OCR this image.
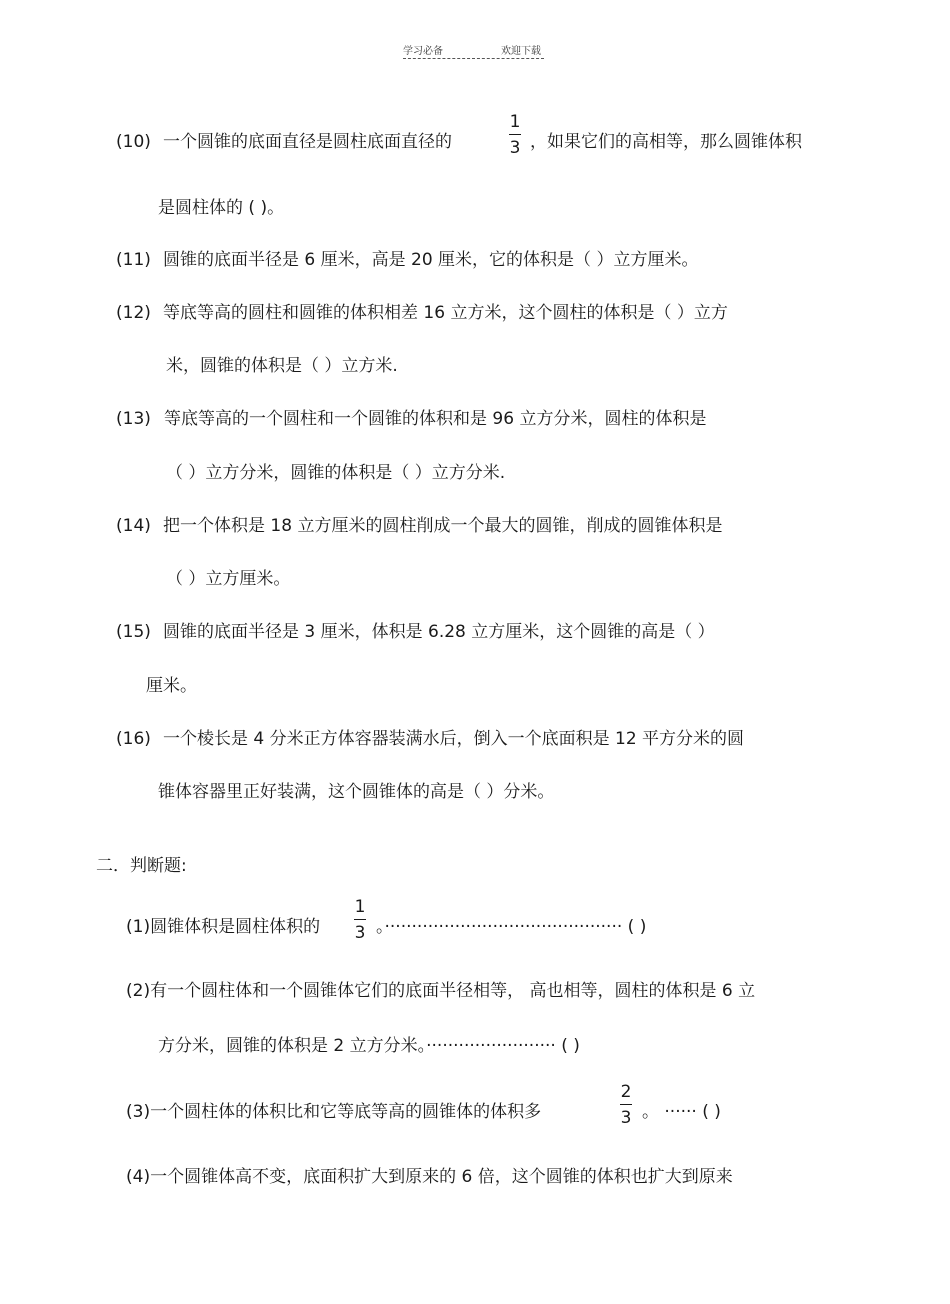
学习必备	欢迎下载
(10) 一个圆锥的底面直径是圆柱底面直径的
1
3 ，如果它们的高相等，那么圆锥体积
是圆柱体的 ( )。
(11) 圆锥的底面半径是 6 厘米，高是 20 厘米，它的体积是（ ）立方厘米。
(12) 等底等高的圆柱和圆锥的体积相差 16 立方米，这个圆柱的体积是（ ）立方
米，圆锥的体积是（ ）立方米.
(13) 等底等高的一个圆柱和一个圆锥的体积和是 96 立方分米，圆柱的体积是
（ ）立方分米，圆锥的体积是（ ）立方分米.
(14) 把一个体积是 18 立方厘米的圆柱削成一个最大的圆锥，削成的圆锥体积是
（ ）立方厘米。
(15) 圆锥的底面半径是 3 厘米，体积是 6.28 立方厘米，这个圆锥的高是（ ）
厘米。
(16) 一个棱长是 4 分米正方体容器装满水后，倒入一个底面积是 12 平方分米的圆
锥体容器里正好装满，这个圆锥体的高是（ ）分米。
二．判断题:
(1)圆锥体积是圆柱体积的
1
3 。············································ ( )
(2)有一个圆柱体和一个圆锥体它们的底面半径相等， 高也相等，圆柱的体积是 6 立
方分米，圆锥的体积是 2 立方分米。························ ( )
(3)一个圆柱体的体积比和它等底等高的圆锥体的体积多
2
3 。 ······ ( )
(4)一个圆锥体高不变，底面积扩大到原来的 6 倍，这个圆锥的体积也扩大到原来
